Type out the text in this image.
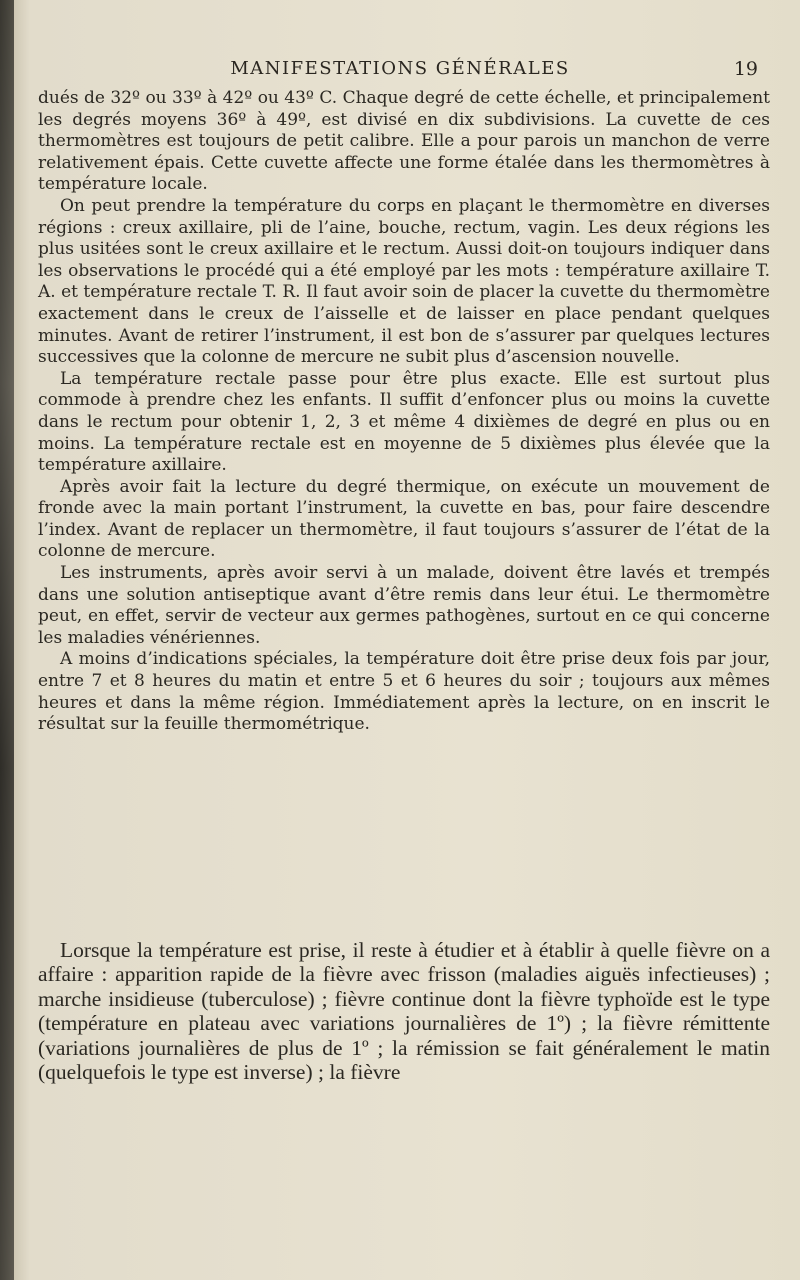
MANIFESTATIONS GÉNÉRALES	19

dués de 32º ou 33º à 42º ou 43º C. Chaque degré de cette échelle, et principalement les degrés moyens 36º à 49º, est divisé en dix subdivisions. La cuvette de ces thermomètres est toujours de petit calibre. Elle a pour parois un manchon de verre relativement épais. Cette cuvette affecte une forme étalée dans les thermomètres à température locale.

On peut prendre la température du corps en plaçant le thermomètre en diverses régions : creux axillaire, pli de l’aine, bouche, rectum, vagin. Les deux régions les plus usitées sont le creux axillaire et le rectum. Aussi doit-on toujours indiquer dans les observations le procédé qui a été employé par les mots : température axillaire T. A. et température rectale T. R. Il faut avoir soin de placer la cuvette du thermomètre exactement dans le creux de l’aisselle et de laisser en place pendant quelques minutes. Avant de retirer l’instrument, il est bon de s’assurer par quelques lectures successives que la colonne de mercure ne subit plus d’ascension nouvelle.

La température rectale passe pour être plus exacte. Elle est surtout plus commode à prendre chez les enfants. Il suffit d’enfoncer plus ou moins la cuvette dans le rectum pour obtenir 1, 2, 3 et même 4 dixièmes de degré en plus ou en moins. La température rectale est en moyenne de 5 dixièmes plus élevée que la température axillaire.

Après avoir fait la lecture du degré thermique, on exécute un mouvement de fronde avec la main portant l’instrument, la cuvette en bas, pour faire descendre l’index. Avant de replacer un thermomètre, il faut toujours s’assurer de l’état de la colonne de mercure.

Les instruments, après avoir servi à un malade, doivent être lavés et trempés dans une solution antiseptique avant d’être remis dans leur étui. Le thermomètre peut, en effet, servir de vecteur aux germes pathogènes, surtout en ce qui concerne les maladies vénériennes.

A moins d’indications spéciales, la température doit être prise deux fois par jour, entre 7 et 8 heures du matin et entre 5 et 6 heures du soir ; toujours aux mêmes heures et dans la même région. Immédiatement après la lecture, on en inscrit le résultat sur la feuille thermométrique.

Lorsque la température est prise, il reste à étudier et à établir à quelle fièvre on a affaire : apparition rapide de la fièvre avec frisson (maladies aiguës infectieuses) ; marche insidieuse (tuberculose) ; fièvre continue dont la fièvre typhoïde est le type (température en plateau avec variations journalières de 1º) ; la fièvre rémittente (variations journalières de plus de 1º ; la rémission se fait généralement le matin (quelquefois le type est inverse) ; la fièvre
